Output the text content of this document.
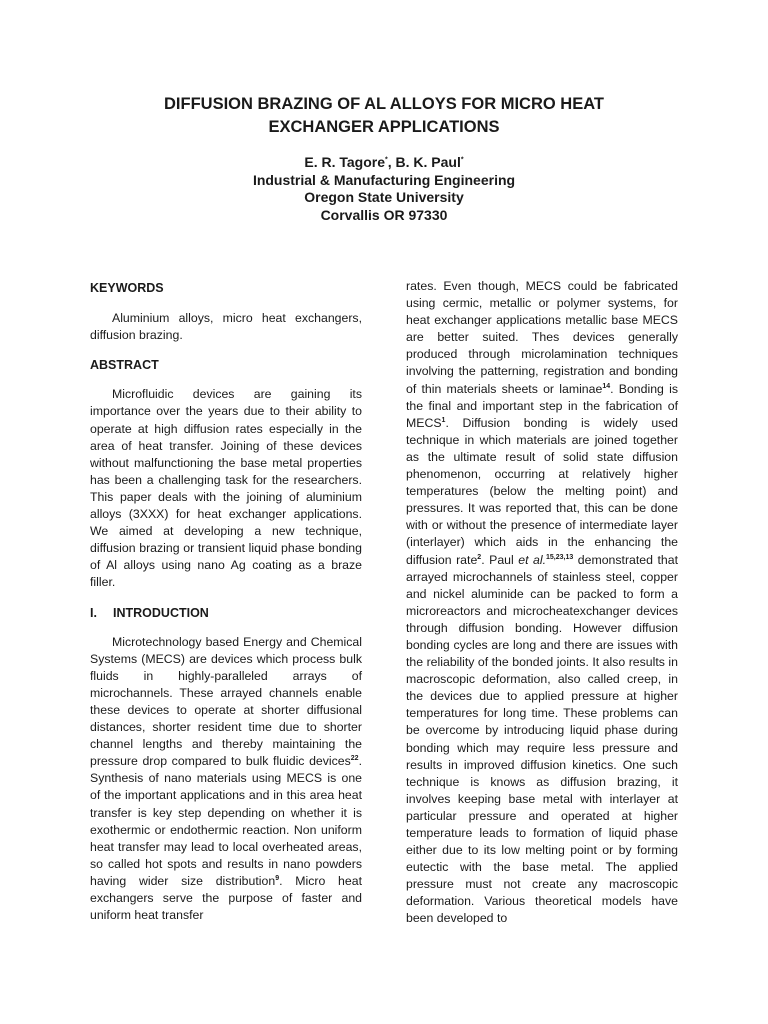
DIFFUSION BRAZING OF AL ALLOYS FOR MICRO HEAT
EXCHANGER APPLICATIONS
E. R. Tagore*, B. K. Paul*
Industrial & Manufacturing Engineering
Oregon State University
Corvallis OR 97330

KEYWORDS

Aluminium alloys, micro heat exchangers, diffusion brazing.

ABSTRACT

Microfluidic devices are gaining its importance over the years due to their ability to operate at high diffusion rates especially in the area of heat transfer. Joining of these devices without malfunctioning the base metal properties has been a challenging task for the researchers. This paper deals with the joining of aluminium alloys (3XXX) for heat exchanger applications. We aimed at developing a new technique, diffusion brazing or transient liquid phase bonding of Al alloys using nano Ag coating as a braze filler.

I. INTRODUCTION

Microtechnology based Energy and Chemical Systems (MECS) are devices which process bulk fluids in highly-paralleled arrays of microchannels. These arrayed channels enable these devices to operate at shorter diffusional distances, shorter resident time due to shorter channel lengths and thereby maintaining the pressure drop compared to bulk fluidic devices$^{22}$. Synthesis of nano materials using MECS is one of the important applications and in this area heat transfer is key step depending on whether it is exothermic or endothermic reaction. Non uniform heat transfer may lead to local overheated areas, so called hot spots and results in nano powders having wider size distribution$^9$. Micro heat exchangers serve the purpose of faster and uniform heat transfer

rates. Even though, MECS could be fabricated using cermic, metallic or polymer systems, for heat exchanger applications metallic base MECS are better suited. Thes devices generally produced through microlamination techniques involving the patterning, registration and bonding of thin materials sheets or laminae$^{14}$. Bonding is the final and important step in the fabrication of MECS$^1$. Diffusion bonding is widely used technique in which materials are joined together as the ultimate result of solid state diffusion phenomenon, occurring at relatively higher temperatures (below the melting point) and pressures. It was reported that, this can be done with or without the presence of intermediate layer (interlayer) which aids in the enhancing the diffusion rate$^2$. Paul et al.$^{15,23,13}$ demonstrated that arrayed microchannels of stainless steel, copper and nickel aluminide can be packed to form a microreactors and microcheatexchanger devices through diffusion bonding. However diffusion bonding cycles are long and there are issues with the reliability of the bonded joints. It also results in macroscopic deformation, also called creep, in the devices due to applied pressure at higher temperatures for long time. These problems can be overcome by introducing liquid phase during bonding which may require less pressure and results in improved diffusion kinetics. One such technique is knows as diffusion brazing, it involves keeping base metal with interlayer at particular pressure and operated at higher temperature leads to formation of liquid phase either due to its low melting point or by forming eutectic with the base metal. The applied pressure must not create any macroscopic deformation. Various theoretical models have been developed to
